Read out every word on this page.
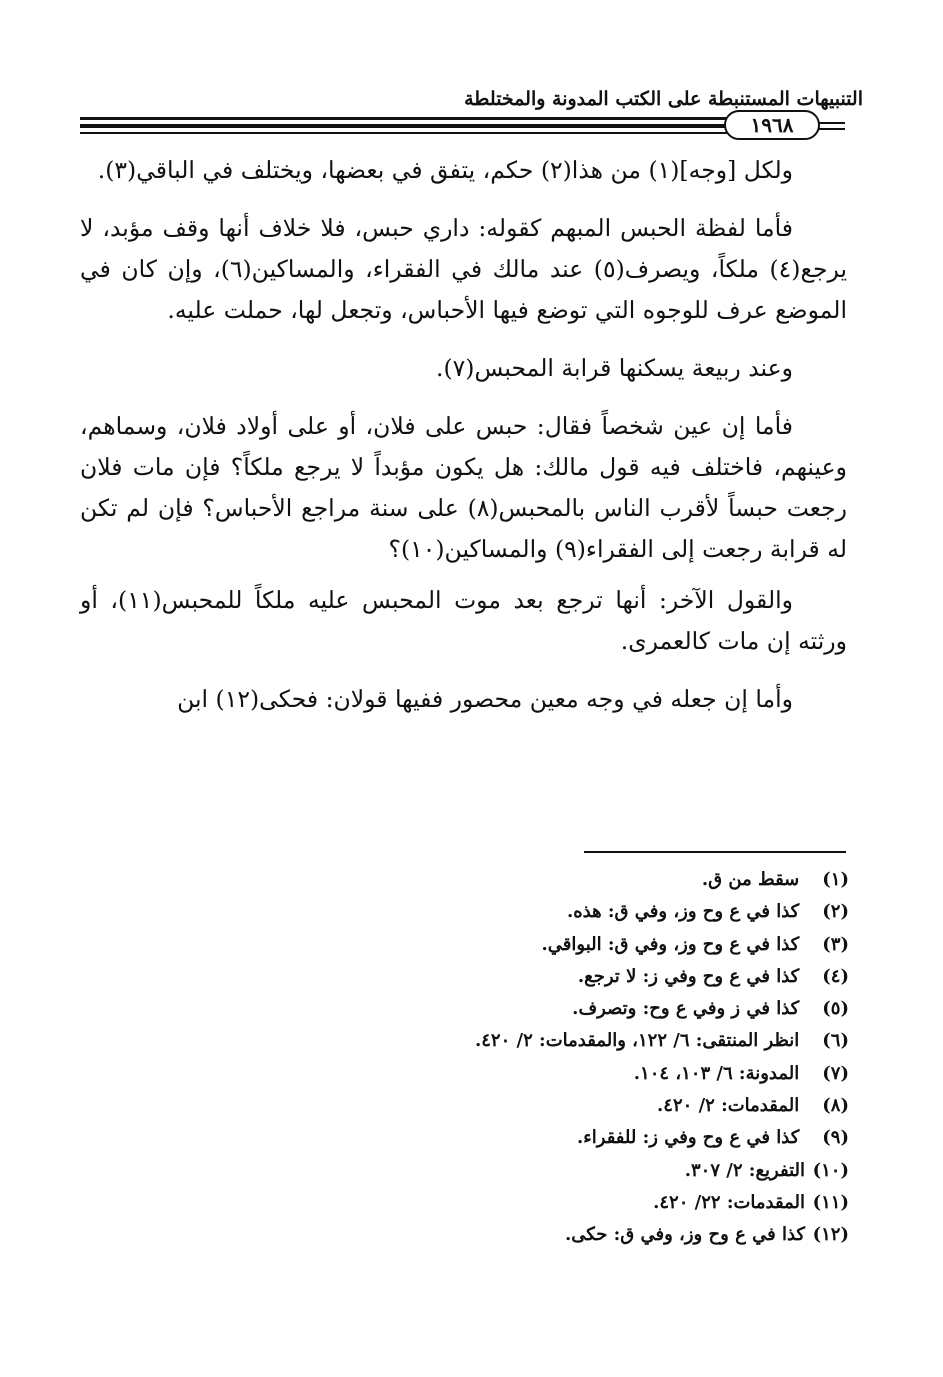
التنبيهات المستنبطة على الكتب المدونة والمختلطة
١٩٦٨

ولكل [وجه](١) من هذا(٢) حكم، يتفق في بعضها، ويختلف في الباقي(٣).

فأما لفظة الحبس المبهم كقوله: داري حبس، فلا خلاف أنها وقف مؤبد، لا يرجع(٤) ملكاً، ويصرف(٥) عند مالك في الفقراء، والمساكين(٦)، وإن كان في الموضع عرف للوجوه التي توضع فيها الأحباس، وتجعل لها، حملت عليه.

وعند ربيعة يسكنها قرابة المحبس(٧).

فأما إن عين شخصاً فقال: حبس على فلان، أو على أولاد فلان، وسماهم، وعينهم، فاختلف فيه قول مالك: هل يكون مؤبداً لا يرجع ملكاً؟ فإن مات فلان رجعت حبساً لأقرب الناس بالمحبس(٨) على سنة مراجع الأحباس؟ فإن لم تكن له قرابة رجعت إلى الفقراء(٩) والمساكين(١٠)؟

والقول الآخر: أنها ترجع بعد موت المحبس عليه ملكاً للمحبس(١١)، أو ورثته إن مات كالعمرى.

وأما إن جعله في وجه معين محصور ففيها قولان: فحكى(١٢) ابن

(١) سقط من ق.
(٢) كذا في ع وح وز، وفي ق: هذه.
(٣) كذا في ع وح وز، وفي ق: البواقي.
(٤) كذا في ع وح وفي ز: لا ترجع.
(٥) كذا في ز وفي ع وح: وتصرف.
(٦) انظر المنتقى: ٦/ ١٢٢، والمقدمات: ٢/ ٤٢٠.
(٧) المدونة: ٦/ ١٠٣، ١٠٤.
(٨) المقدمات: ٢/ ٤٢٠.
(٩) كذا في ع وح وفي ز: للفقراء.
(١٠)التفريع: ٢/ ٣٠٧.
(١١)المقدمات: ٢٢/ ٤٢٠.
(١٢)كذا في ع وح وز، وفي ق: حكى.
